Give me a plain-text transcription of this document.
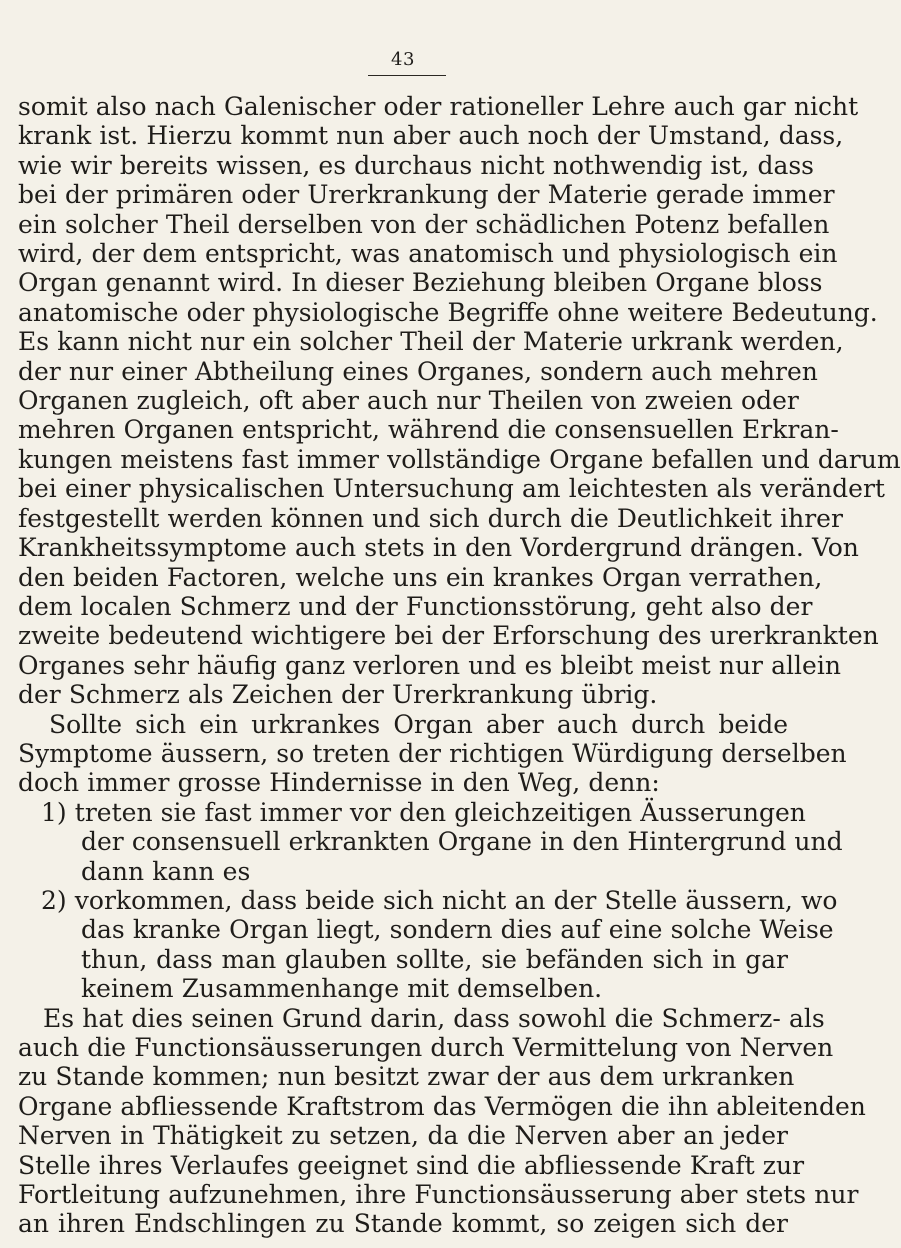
43
somit also nach Galenischer oder rationeller Lehre auch gar nicht
krank ist. Hierzu kommt nun aber auch noch der Umstand, dass,
wie wir bereits wissen, es durchaus nicht nothwendig ist, dass
bei der primären oder Urerkrankung der Materie gerade immer
ein solcher Theil derselben von der schädlichen Potenz befallen
wird, der dem entspricht, was anatomisch und physiologisch ein
Organ genannt wird. In dieser Beziehung bleiben Organe bloss
anatomische oder physiologische Begriffe ohne weitere Bedeutung.
Es kann nicht nur ein solcher Theil der Materie urkrank werden,
der nur einer Abtheilung eines Organes, sondern auch mehren
Organen zugleich, oft aber auch nur Theilen von zweien oder
mehren Organen entspricht, während die consensuellen Erkran-
kungen meistens fast immer vollständige Organe befallen und darum
bei einer physicalischen Untersuchung am leichtesten als verändert
festgestellt werden können und sich durch die Deutlichkeit ihrer
Krankheitssymptome auch stets in den Vordergrund drängen. Von
den beiden Factoren, welche uns ein krankes Organ verrathen,
dem localen Schmerz und der Functionsstörung, geht also der
zweite bedeutend wichtigere bei der Erforschung des urerkrankten
Organes sehr häufig ganz verloren und es bleibt meist nur allein
der Schmerz als Zeichen der Urerkrankung übrig.
Sollte sich ein urkrankes Organ aber auch durch beide
Symptome äussern, so treten der richtigen Würdigung derselben
doch immer grosse Hindernisse in den Weg, denn:
1) treten sie fast immer vor den gleichzeitigen Äusserungen
der consensuell erkrankten Organe in den Hintergrund und
dann kann es
2) vorkommen, dass beide sich nicht an der Stelle äussern, wo
das kranke Organ liegt, sondern dies auf eine solche Weise
thun, dass man glauben sollte, sie befänden sich in gar
keinem Zusammenhange mit demselben.
Es hat dies seinen Grund darin, dass sowohl die Schmerz- als
auch die Functionsäusserungen durch Vermittelung von Nerven
zu Stande kommen; nun besitzt zwar der aus dem urkranken
Organe abfliessende Kraftstrom das Vermögen die ihn ableitenden
Nerven in Thätigkeit zu setzen, da die Nerven aber an jeder
Stelle ihres Verlaufes geeignet sind die abfliessende Kraft zur
Fortleitung aufzunehmen, ihre Functionsäusserung aber stets nur
an ihren Endschlingen zu Stande kommt, so zeigen sich der
